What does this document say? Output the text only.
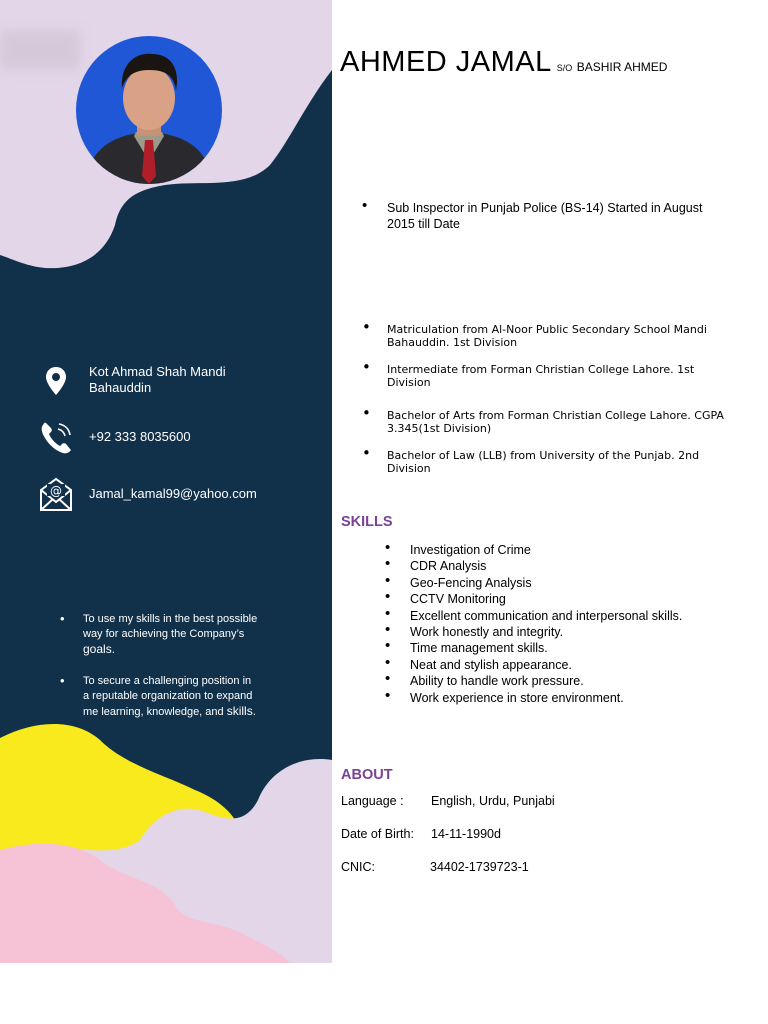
Kot Ahmad Shah Mandi
Bahauddin
+92 333 8035600
@ Jamal_kamal99@yahoo.com
• To use my skills in the best possible way for achieving the Company’s goals.
• To secure a challenging position in a reputable organization to expand me learning, knowledge, and skills.
AHMED JAMAL S/O BASHIR AHMED
• Sub Inspector in Punjab Police (BS-14) Started in August 2015 till Date
• Matriculation from Al-Noor Public Secondary School Mandi Bahauddin. 1st Division
• Intermediate from Forman Christian College Lahore. 1st Division
• Bachelor of Arts from Forman Christian College Lahore. CGPA 3.345(1st Division)
• Bachelor of Law (LLB) from University of the Punjab. 2nd Division
SKILLS
• Investigation of Crime
• CDR Analysis
• Geo-Fencing Analysis
• CCTV Monitoring
• Excellent communication and interpersonal skills.
• Work honestly and integrity.
• Time management skills.
• Neat and stylish appearance.
• Ability to handle work pressure.
• Work experience in store environment.
ABOUT
Language : English, Urdu, Punjabi
Date of Birth: 14-11-1990d
CNIC:	34402-1739723-1
